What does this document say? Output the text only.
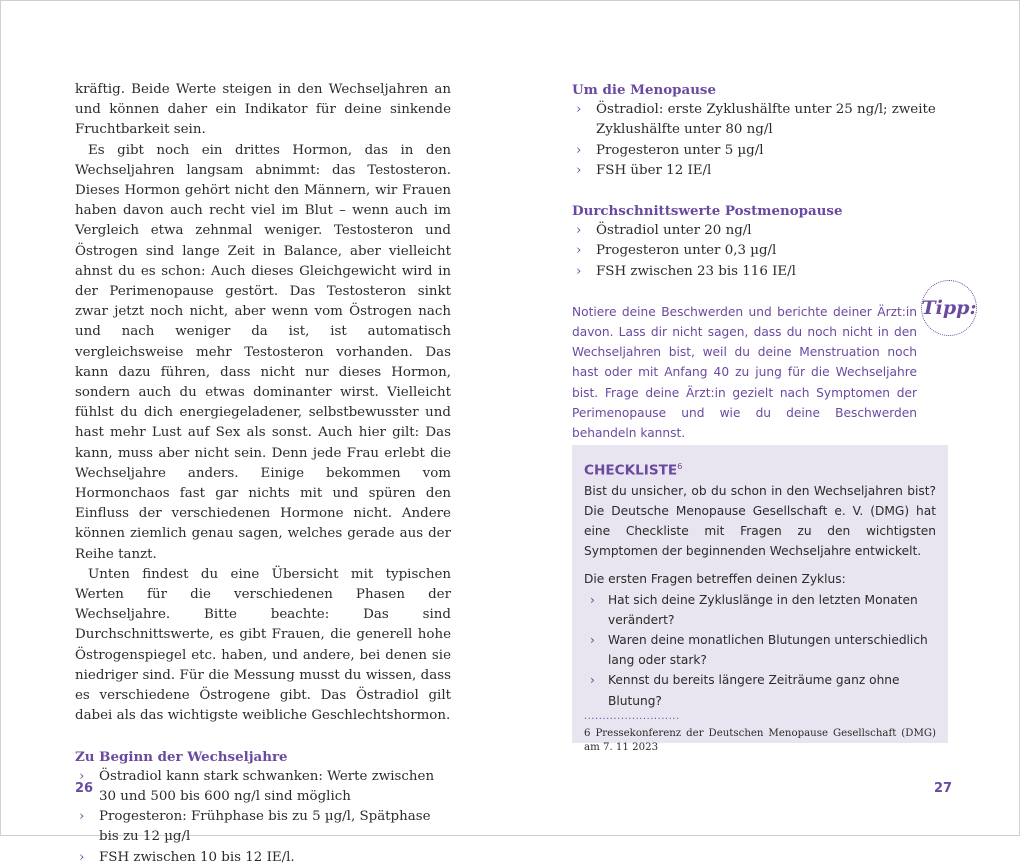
kräftig. Beide Werte steigen in den Wechseljahren an und können daher ein Indikator für deine sinkende Fruchtbarkeit sein.

Es gibt noch ein drittes Hormon, das in den Wechseljahren langsam abnimmt: das Testosteron. Dieses Hormon gehört nicht den Männern, wir Frauen haben davon auch recht viel im Blut – wenn auch im Vergleich etwa zehnmal weniger. Testosteron und Östrogen sind lange Zeit in Balance, aber vielleicht ahnst du es schon: Auch dieses Gleichgewicht wird in der Perimenopause gestört. Das Testosteron sinkt zwar jetzt noch nicht, aber wenn vom Östrogen nach und nach weniger da ist, ist automatisch vergleichsweise mehr Testosteron vorhanden. Das kann dazu führen, dass nicht nur dieses Hormon, sondern auch du etwas dominanter wirst. Vielleicht fühlst du dich energiegeladener, selbstbewusster und hast mehr Lust auf Sex als sonst. Auch hier gilt: Das kann, muss aber nicht sein. Denn jede Frau erlebt die Wechseljahre anders. Einige bekommen vom Hormonchaos fast gar nichts mit und spüren den Einfluss der verschiedenen Hormone nicht. Andere können ziemlich genau sagen, welches gerade aus der Reihe tanzt.

Unten findest du eine Übersicht mit typischen Werten für die verschiedenen Phasen der Wechseljahre. Bitte beachte: Das sind Durchschnittswerte, es gibt Frauen, die generell hohe Östrogenspiegel etc. haben, und andere, bei denen sie niedriger sind. Für die Messung musst du wissen, dass es verschiedene Östrogene gibt. Das Östradiol gilt dabei als das wichtigste weibliche Geschlechtshormon.

Zu Beginn der Wechseljahre

› Östradiol kann stark schwanken: Werte zwischen 30 und 500 bis 600 ng/l sind möglich
› Progesteron: Frühphase bis zu 5 µg/l, Spätphase bis zu 12 µg/l
› FSH zwischen 10 bis 12 IE/l.

Um die Menopause

› Östradiol: erste Zyklushälfte unter 25 ng/l; zweite Zyklushälfte unter 80 ng/l
› Progesteron unter 5 µg/l
› FSH über 12 IE/l

Durchschnittswerte Postmenopause

› Östradiol unter 20 ng/l
› Progesteron unter 0,3 µg/l
› FSH zwischen 23 bis 116 IE/l

Notiere deine Beschwerden und berichte deiner Ärzt:in davon. Lass dir nicht sagen, dass du noch nicht in den Wechseljahren bist, weil du deine Menstruation noch hast oder mit Anfang 40 zu jung für die Wechseljahre bist. Frage deine Ärzt:in gezielt nach Symptomen der Perimenopause und wie du deine Beschwerden behandeln kannst.

Tipp:

CHECKLISTE$^6$

Bist du unsicher, ob du schon in den Wechseljahren bist? Die Deutsche Menopause Gesellschaft e. V. (DMG) hat eine Checkliste mit Fragen zu den wichtigsten Symptomen der beginnenden Wechseljahre entwickelt.

Die ersten Fragen betreffen deinen Zyklus:

› Hat sich deine Zykluslänge in den letzten Monaten verändert?
› Waren deine monatlichen Blutungen unterschiedlich lang oder stark?
› Kennst du bereits längere Zeiträume ganz ohne Blutung?

··························

6 Pressekonferenz der Deutschen Menopause Gesellschaft (DMG) am 7. 11 2023

26	27
